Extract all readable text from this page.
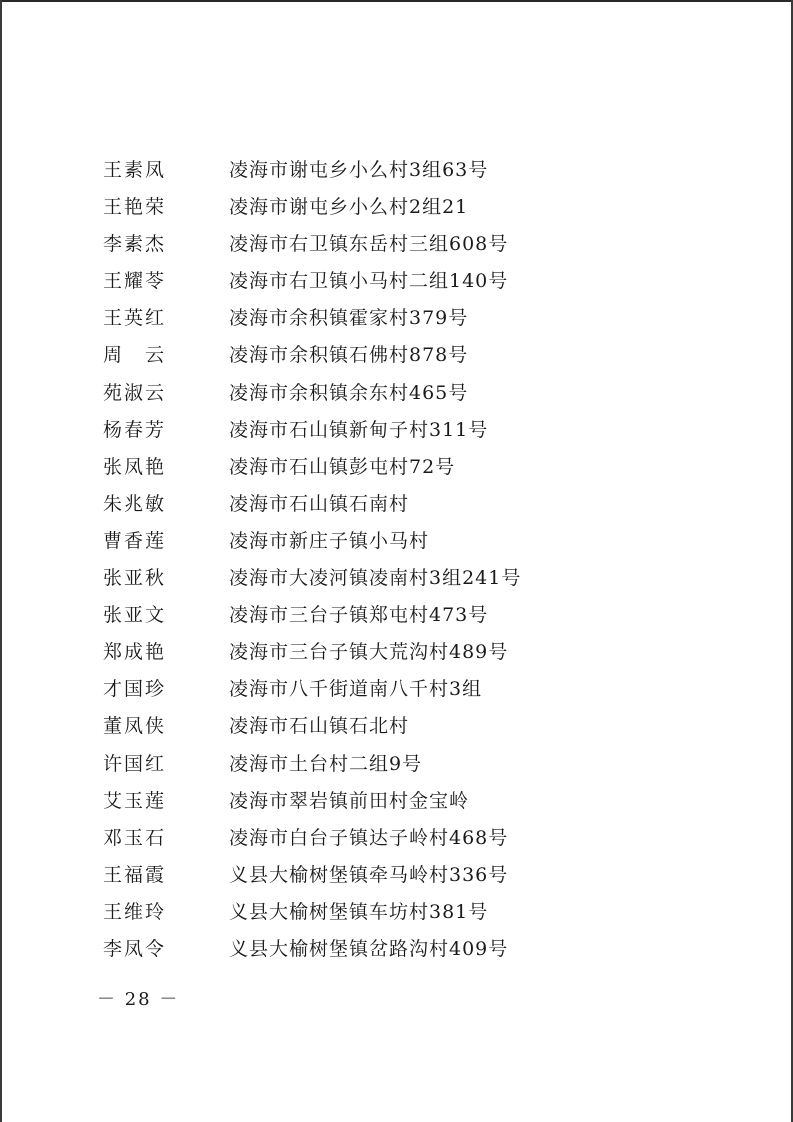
王素凤	凌海市谢屯乡小么村3组63号
王艳荣	凌海市谢屯乡小么村2组21
李素杰	凌海市右卫镇东岳村三组608号
王耀苓	凌海市右卫镇小马村二组140号
王英红	凌海市余积镇霍家村379号
周　云	凌海市余积镇石佛村878号
苑淑云	凌海市余积镇余东村465号
杨春芳	凌海市石山镇新甸子村311号
张凤艳	凌海市石山镇彭屯村72号
朱兆敏	凌海市石山镇石南村
曹香莲	凌海市新庄子镇小马村
张亚秋	凌海市大凌河镇凌南村3组241号
张亚文	凌海市三台子镇郑屯村473号
郑成艳	凌海市三台子镇大荒沟村489号
才国珍	凌海市八千街道南八千村3组
董凤侠	凌海市石山镇石北村
许国红	凌海市土台村二组9号
艾玉莲	凌海市翠岩镇前田村金宝岭
邓玉石	凌海市白台子镇达子岭村468号
王福霞	义县大榆树堡镇牵马岭村336号
王维玲	义县大榆树堡镇车坊村381号
李凤令	义县大榆树堡镇岔路沟村409号
－ 28 －
